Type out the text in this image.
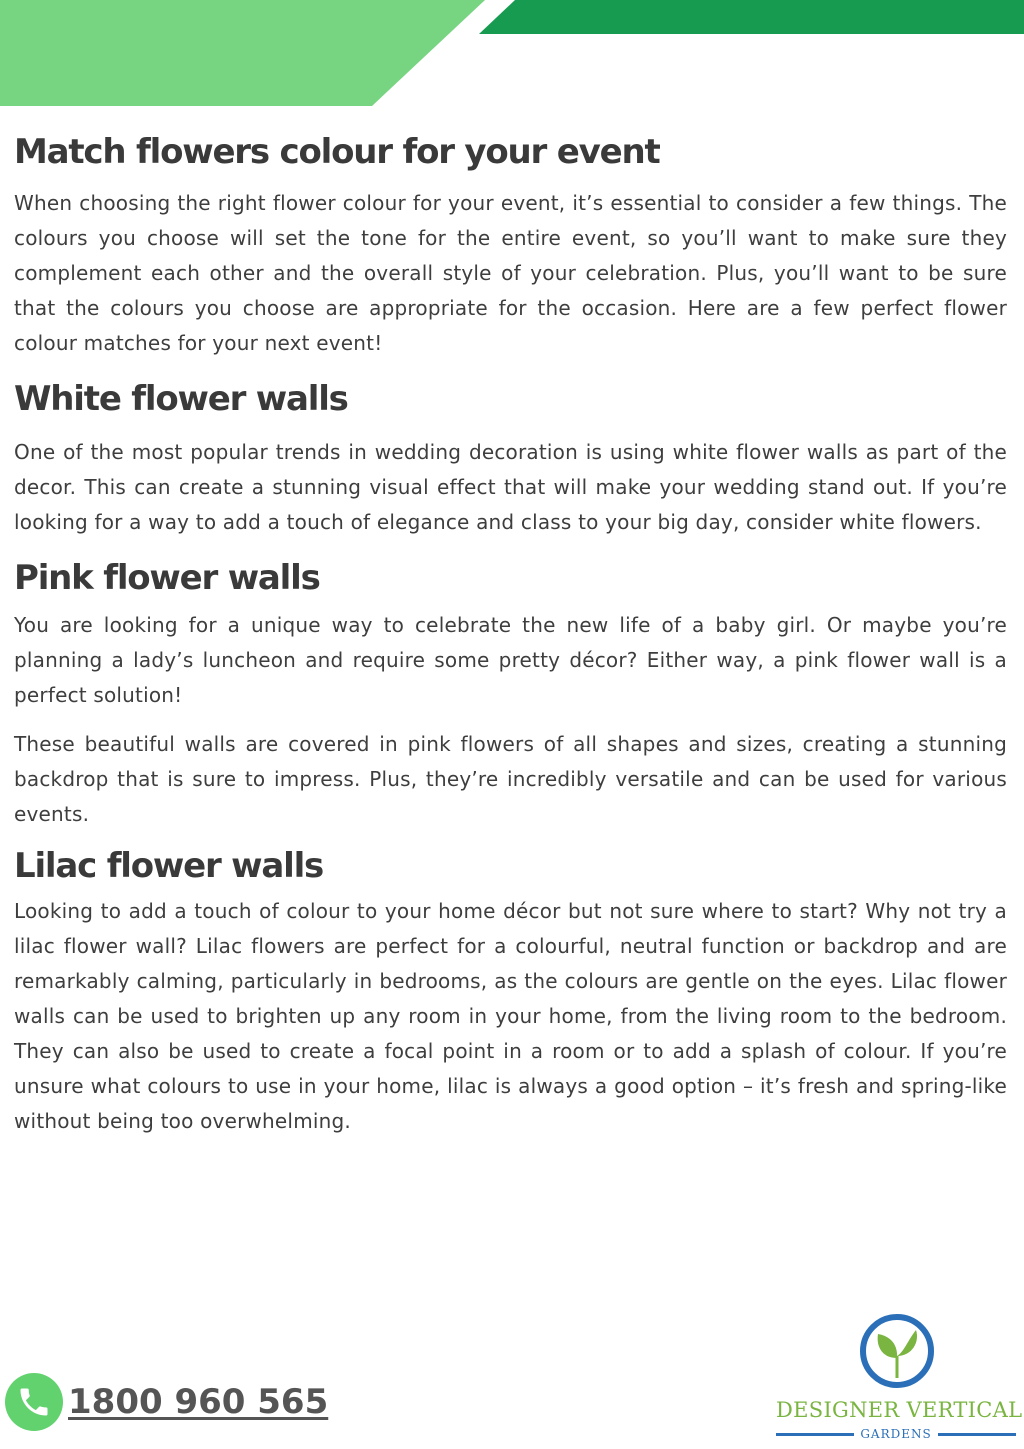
Match flowers colour for your event

When choosing the right flower colour for your event, it’s essential to consider a few things. The colours you choose will set the tone for the entire event, so you’ll want to make sure they complement each other and the overall style of your celebration. Plus, you’ll want to be sure that the colours you choose are appropriate for the occasion. Here are a few perfect flower colour matches for your next event!

White flower walls

One of the most popular trends in wedding decoration is using white flower walls as part of the decor. This can create a stunning visual effect that will make your wedding stand out. If you’re looking for a way to add a touch of elegance and class to your big day, consider white flowers.

Pink flower walls

You are looking for a unique way to celebrate the new life of a baby girl. Or maybe you’re planning a lady’s luncheon and require some pretty décor? Either way, a pink flower wall is a perfect solution!

These beautiful walls are covered in pink flowers of all shapes and sizes, creating a stunning backdrop that is sure to impress. Plus, they’re incredibly versatile and can be used for various events.

Lilac flower walls

Looking to add a touch of colour to your home décor but not sure where to start? Why not try a lilac flower wall? Lilac flowers are perfect for a colourful, neutral function or backdrop and are remarkably calming, particularly in bedrooms, as the colours are gentle on the eyes. Lilac flower walls can be used to brighten up any room in your home, from the living room to the bedroom. They can also be used to create a focal point in a room or to add a splash of colour. If you’re unsure what colours to use in your home, lilac is always a good option – it’s fresh and spring-like without being too overwhelming.

1800 960 565	DESIGNER VERTICAL
GARDENS
